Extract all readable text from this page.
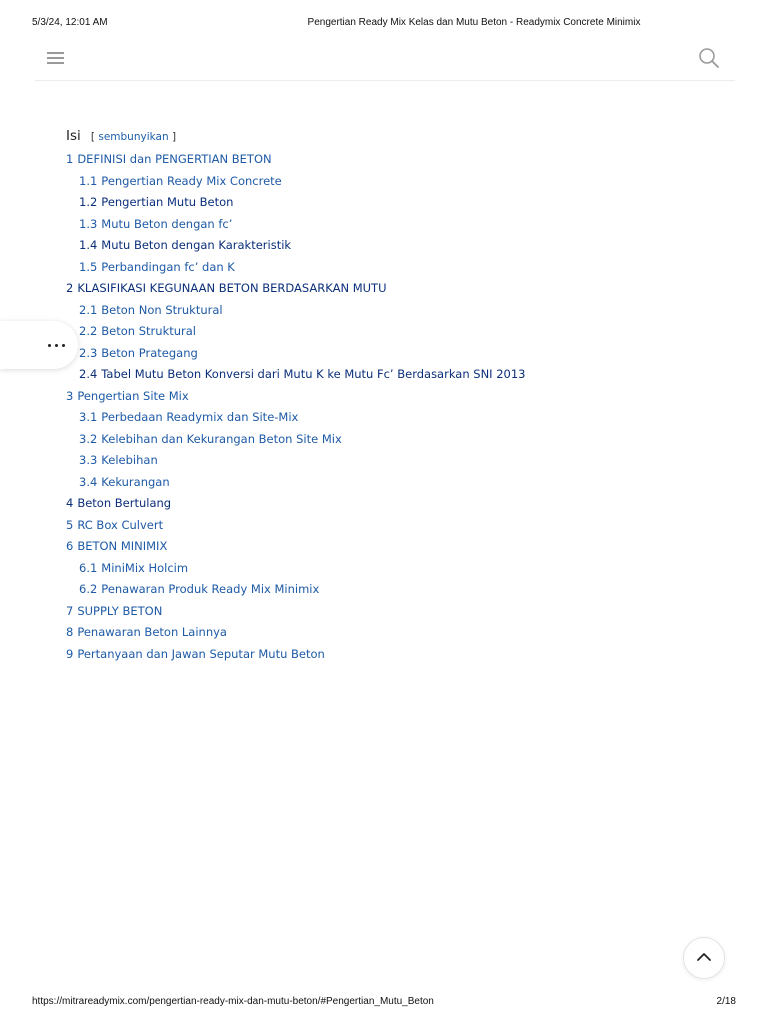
5/3/24, 12:01 AM	Pengertian Ready Mix Kelas dan Mutu Beton - Readymix Concrete Minimix
Isi [ sembunyikan ]
1 DEFINISI dan PENGERTIAN BETON
1.1 Pengertian Ready Mix Concrete
1.2 Pengertian Mutu Beton
1.3 Mutu Beton dengan fc’
1.4 Mutu Beton dengan Karakteristik
1.5 Perbandingan fc’ dan K
2 KLASIFIKASI KEGUNAAN BETON BERDASARKAN MUTU
2.1 Beton Non Struktural
2.2 Beton Struktural
2.3 Beton Prategang
2.4 Tabel Mutu Beton Konversi dari Mutu K ke Mutu Fc’ Berdasarkan SNI 2013
3 Pengertian Site Mix
3.1 Perbedaan Readymix dan Site-Mix
3.2 Kelebihan dan Kekurangan Beton Site Mix
3.3 Kelebihan
3.4 Kekurangan
4 Beton Bertulang
5 RC Box Culvert
6 BETON MINIMIX
6.1 MiniMix Holcim
6.2 Penawaran Produk Ready Mix Minimix
7 SUPPLY BETON
8 Penawaran Beton Lainnya
9 Pertanyaan dan Jawan Seputar Mutu Beton
https://mitrareadymix.com/pengertian-ready-mix-dan-mutu-beton/#Pengertian_Mutu_Beton	2/18
